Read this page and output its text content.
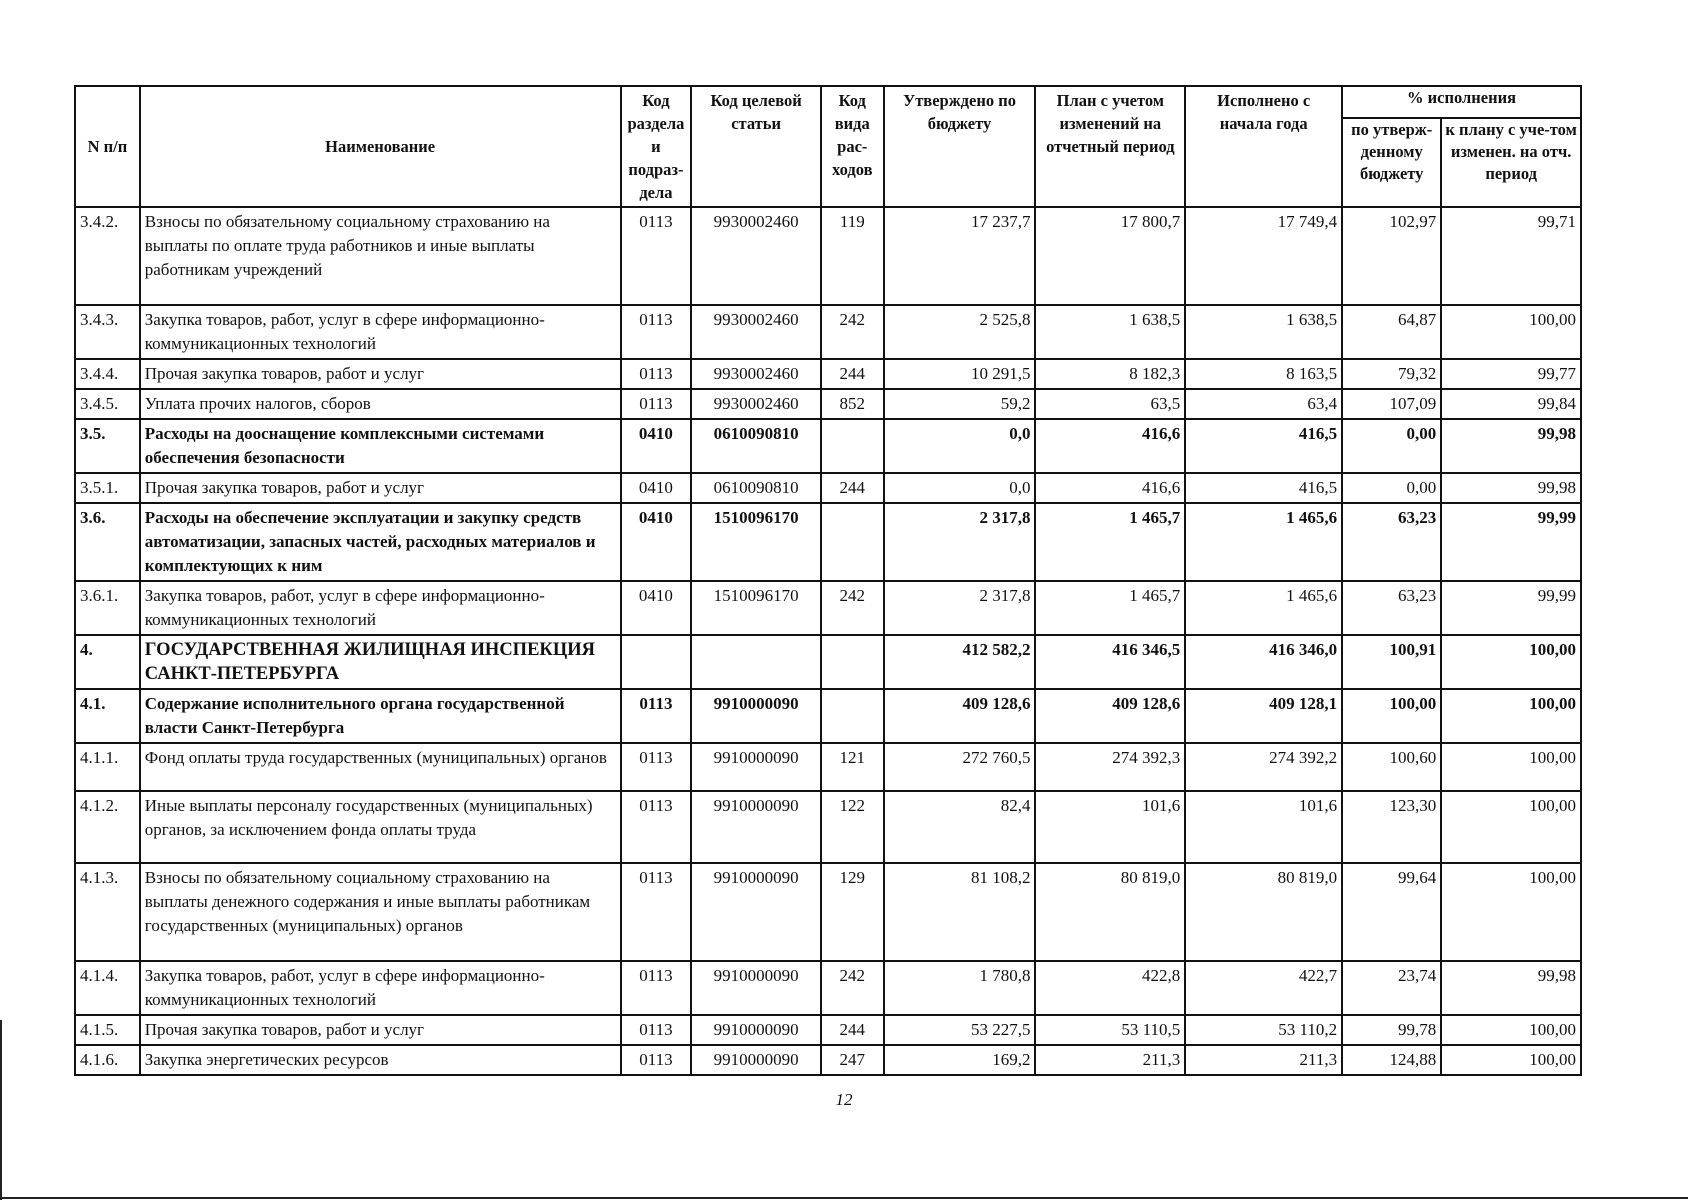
N п/п	Наименование	Код раздела и подраз-дела	Код целевой статьи	Код вида рас-ходов	Утверждено по бюджету	План с учетом изменений на отчетный период	Исполнено с начала года	% исполнения	
								по утверж-денному бюджету	к плану с уче-том изменен. на отч. период
3.4.2.	Взносы по обязательному социальному страхованию на выплаты по оплате труда работников и иные выплаты работникам учреждений	0113	9930002460	119	17 237,7	17 800,7	17 749,4	102,97	99,71
3.4.3.	Закупка товаров, работ, услуг в сфере информационно-коммуникационных технологий	0113	9930002460	242	2 525,8	1 638,5	1 638,5	64,87	100,00
3.4.4.	Прочая закупка товаров, работ и услуг	0113	9930002460	244	10 291,5	8 182,3	8 163,5	79,32	99,77
3.4.5.	Уплата прочих налогов, сборов	0113	9930002460	852	59,2	63,5	63,4	107,09	99,84
3.5.	Расходы на дооснащение комплексными системами обеспечения безопасности	0410	0610090810		0,0	416,6	416,5	0,00	99,98
3.5.1.	Прочая закупка товаров, работ и услуг	0410	0610090810	244	0,0	416,6	416,5	0,00	99,98
3.6.	Расходы на обеспечение эксплуатации и закупку средств автоматизации, запасных частей, расходных материалов и комплектующих к ним	0410	1510096170		2 317,8	1 465,7	1 465,6	63,23	99,99
3.6.1.	Закупка товаров, работ, услуг в сфере информационно-коммуникационных технологий	0410	1510096170	242	2 317,8	1 465,7	1 465,6	63,23	99,99
4.	ГОСУДАРСТВЕННАЯ ЖИЛИЩНАЯ ИНСПЕКЦИЯ САНКТ-ПЕТЕРБУРГА				412 582,2	416 346,5	416 346,0	100,91	100,00
4.1.	Содержание исполнительного органа государственной власти Санкт-Петербурга	0113	9910000090		409 128,6	409 128,6	409 128,1	100,00	100,00
4.1.1.	Фонд оплаты труда государственных (муниципальных) органов	0113	9910000090	121	272 760,5	274 392,3	274 392,2	100,60	100,00
4.1.2.	Иные выплаты персоналу государственных (муниципальных) органов, за исключением фонда оплаты труда	0113	9910000090	122	82,4	101,6	101,6	123,30	100,00
4.1.3.	Взносы по обязательному социальному страхованию на выплаты денежного содержания и иные выплаты работникам государственных (муниципальных) органов	0113	9910000090	129	81 108,2	80 819,0	80 819,0	99,64	100,00
4.1.4.	Закупка товаров, работ, услуг в сфере информационно-коммуникационных технологий	0113	9910000090	242	1 780,8	422,8	422,7	23,74	99,98
4.1.5.	Прочая закупка товаров, работ и услуг	0113	9910000090	244	53 227,5	53 110,5	53 110,2	99,78	100,00
4.1.6.	Закупка энергетических ресурсов	0113	9910000090	247	169,2	211,3	211,3	124,88	100,00
12
